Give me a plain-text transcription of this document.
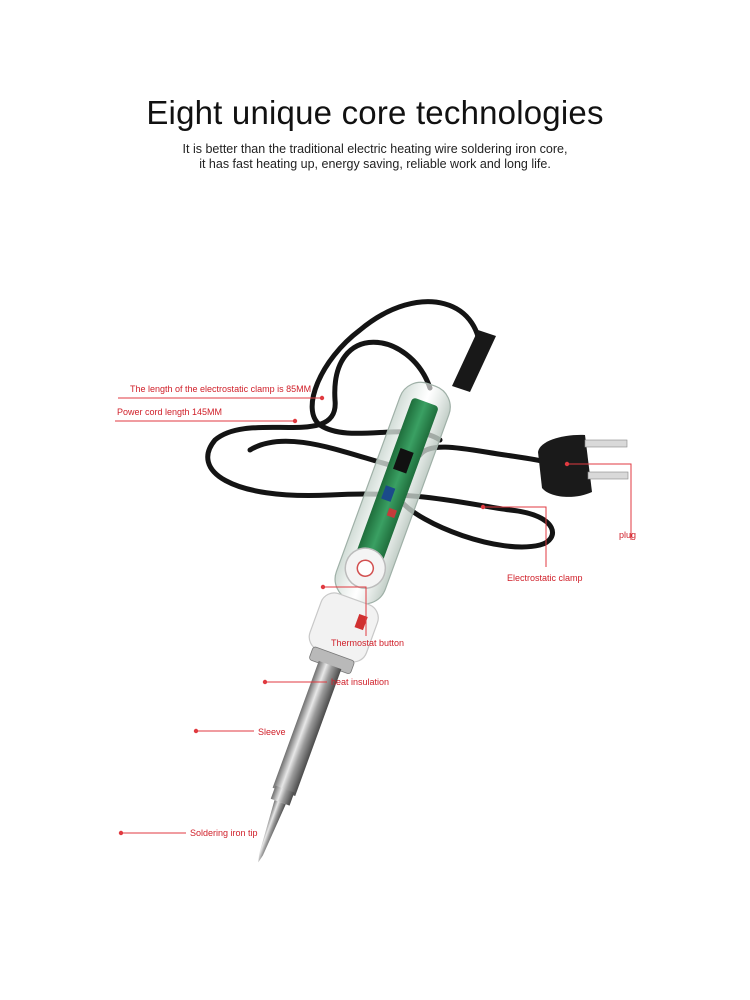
Eight unique core technologies

It is better than the traditional electric heating wire soldering iron core,

it has fast heating up, energy saving, reliable work and long life.

The length of the electrostatic clamp is 85MM
Power cord length 145MM
plug
Electrostatic clamp
Thermostat button
heat insulation
Sleeve
Soldering iron tip
